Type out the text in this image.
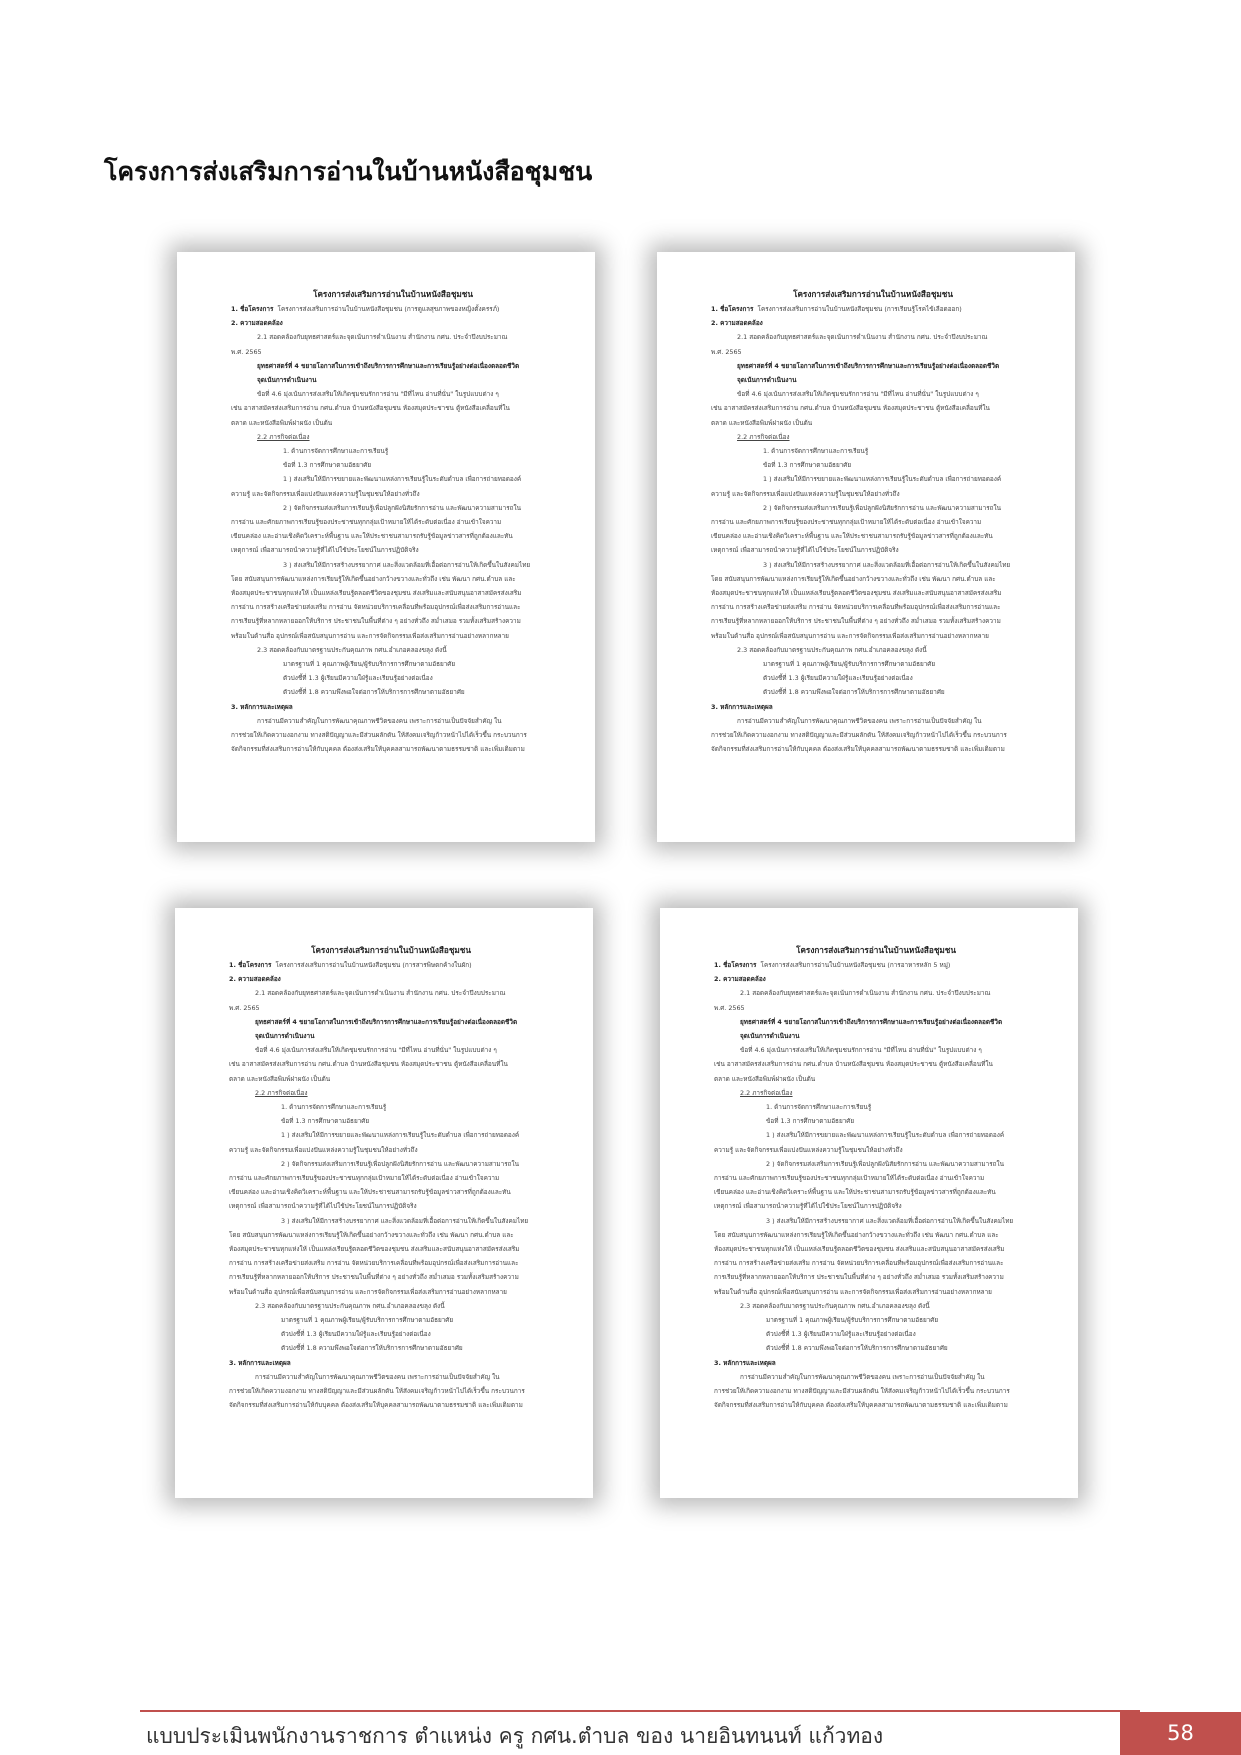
โครงการส่งเสริมการอ่านในบ้านหนังสือชุมชน
โครงการส่งเสริมการอ่านในบ้านหนังสือชุมชน
1. ชื่อโครงการ โครงการส่งเสริมการอ่านในบ้านหนังสือชุมชน (การดูแลสุขภาพของหญิงตั้งครรภ์)
2. ความสอดคล้อง
2.1 สอดคล้องกับยุทธศาสตร์และจุดเน้นการดำเนินงาน สำนักงาน กศน. ประจำปีงบประมาณ
พ.ศ. 2565
ยุทธศาสตร์ที่ 4 ขยายโอกาสในการเข้าถึงบริการการศึกษาและการเรียนรู้อย่างต่อเนื่องตลอดชีวิต
จุดเน้นการดำเนินงาน
ข้อที่ 4.6 มุ่งเน้นการส่งเสริมให้เกิดชุมชนรักการอ่าน "มีที่ไหน อ่านที่นั่น" ในรูปแบบต่าง ๆ
เช่น อาสาสมัครส่งเสริมการอ่าน กศน.ตำบล บ้านหนังสือชุมชน ห้องสมุดประชาชน ตู้หนังสือเคลื่อนที่ใน
ตลาด และหนังสือพิมพ์ฝาผนัง เป็นต้น
2.2 ภารกิจต่อเนื่อง
1. ด้านการจัดการศึกษาและการเรียนรู้
ข้อที่ 1.3 การศึกษาตามอัธยาศัย
1 ) ส่งเสริมให้มีการขยายและพัฒนาแหล่งการเรียนรู้ในระดับตำบล เพื่อการถ่ายทอดองค์
ความรู้ และจัดกิจกรรมเพื่อแบ่งปันแหล่งความรู้ในชุมชนให้อย่างทั่วถึง
2 ) จัดกิจกรรมส่งเสริมการเรียนรู้เพื่อปลูกฝังนิสัยรักการอ่าน และพัฒนาความสามารถใน
การอ่าน และศักยภาพการเรียนรู้ของประชาชนทุกกลุ่มเป้าหมายให้ได้ระดับต่อเนื่อง อ่านเข้าใจความ
เขียนคล่อง และอ่านเชิงคิดวิเคราะห์พื้นฐาน และให้ประชาชนสามารถรับรู้ข้อมูลข่าวสารที่ถูกต้องและทัน
เหตุการณ์ เพื่อสามารถนำความรู้ที่ได้ไปใช้ประโยชน์ในการปฏิบัติจริง
3 ) ส่งเสริมให้มีการสร้างบรรยากาศ และสิ่งแวดล้อมที่เอื้อต่อการอ่านให้เกิดขึ้นในสังคมไทย
โดย สนับสนุนการพัฒนาแหล่งการเรียนรู้ให้เกิดขึ้นอย่างกว้างขวางและทั่วถึง เช่น พัฒนา กศน.ตำบล และ
ห้องสมุดประชาชนทุกแห่งให้ เป็นแหล่งเรียนรู้ตลอดชีวิตของชุมชน ส่งเสริมและสนับสนุนอาสาสมัครส่งเสริม
การอ่าน การสร้างเครือข่ายส่งเสริม การอ่าน จัดหน่วยบริการเคลื่อนที่พร้อมอุปกรณ์เพื่อส่งเสริมการอ่านและ
การเรียนรู้ที่หลากหลายออกให้บริการ ประชาชนในพื้นที่ต่าง ๆ อย่างทั่วถึง สม่ำเสมอ รวมทั้งเสริมสร้างความ
พร้อมในด้านสื่อ อุปกรณ์เพื่อสนับสนุนการอ่าน และการจัดกิจกรรมเพื่อส่งเสริมการอ่านอย่างหลากหลาย
2.3 สอดคล้องกับมาตรฐานประกันคุณภาพ กศน.อำเภอคลองขลุง ดังนี้
มาตรฐานที่ 1 คุณภาพผู้เรียน/ผู้รับบริการการศึกษาตามอัธยาศัย
ตัวบ่งชี้ที่ 1.3 ผู้เรียนมีความใฝ่รู้และเรียนรู้อย่างต่อเนื่อง
ตัวบ่งชี้ที่ 1.8 ความพึงพอใจต่อการให้บริการการศึกษาตามอัธยาศัย
3. หลักการและเหตุผล
การอ่านมีความสำคัญในการพัฒนาคุณภาพชีวิตของคน เพราะการอ่านเป็นปัจจัยสำคัญ ใน
การช่วยให้เกิดความงอกงาม ทางสติปัญญาและมีส่วนผลักดัน ให้สังคมเจริญก้าวหน้าไปได้เร็วขึ้น กระบวนการ
จัดกิจกรรมที่ส่งเสริมการอ่านให้กับบุคคล ต้องส่งเสริมให้บุคคลสามารถพัฒนาตามธรรมชาติ และเพิ่มเติมตาม
โครงการส่งเสริมการอ่านในบ้านหนังสือชุมชน
1. ชื่อโครงการ โครงการส่งเสริมการอ่านในบ้านหนังสือชุมชน (การเรียนรู้โรคไข้เลือดออก)
2. ความสอดคล้อง
2.1 สอดคล้องกับยุทธศาสตร์และจุดเน้นการดำเนินงาน สำนักงาน กศน. ประจำปีงบประมาณ
พ.ศ. 2565
ยุทธศาสตร์ที่ 4 ขยายโอกาสในการเข้าถึงบริการการศึกษาและการเรียนรู้อย่างต่อเนื่องตลอดชีวิต
จุดเน้นการดำเนินงาน
ข้อที่ 4.6 มุ่งเน้นการส่งเสริมให้เกิดชุมชนรักการอ่าน "มีที่ไหน อ่านที่นั่น" ในรูปแบบต่าง ๆ
เช่น อาสาสมัครส่งเสริมการอ่าน กศน.ตำบล บ้านหนังสือชุมชน ห้องสมุดประชาชน ตู้หนังสือเคลื่อนที่ใน
ตลาด และหนังสือพิมพ์ฝาผนัง เป็นต้น
2.2 ภารกิจต่อเนื่อง
1. ด้านการจัดการศึกษาและการเรียนรู้
ข้อที่ 1.3 การศึกษาตามอัธยาศัย
1 ) ส่งเสริมให้มีการขยายและพัฒนาแหล่งการเรียนรู้ในระดับตำบล เพื่อการถ่ายทอดองค์
ความรู้ และจัดกิจกรรมเพื่อแบ่งปันแหล่งความรู้ในชุมชนให้อย่างทั่วถึง
2 ) จัดกิจกรรมส่งเสริมการเรียนรู้เพื่อปลูกฝังนิสัยรักการอ่าน และพัฒนาความสามารถใน
การอ่าน และศักยภาพการเรียนรู้ของประชาชนทุกกลุ่มเป้าหมายให้ได้ระดับต่อเนื่อง อ่านเข้าใจความ
เขียนคล่อง และอ่านเชิงคิดวิเคราะห์พื้นฐาน และให้ประชาชนสามารถรับรู้ข้อมูลข่าวสารที่ถูกต้องและทัน
เหตุการณ์ เพื่อสามารถนำความรู้ที่ได้ไปใช้ประโยชน์ในการปฏิบัติจริง
3 ) ส่งเสริมให้มีการสร้างบรรยากาศ และสิ่งแวดล้อมที่เอื้อต่อการอ่านให้เกิดขึ้นในสังคมไทย
โดย สนับสนุนการพัฒนาแหล่งการเรียนรู้ให้เกิดขึ้นอย่างกว้างขวางและทั่วถึง เช่น พัฒนา กศน.ตำบล และ
ห้องสมุดประชาชนทุกแห่งให้ เป็นแหล่งเรียนรู้ตลอดชีวิตของชุมชน ส่งเสริมและสนับสนุนอาสาสมัครส่งเสริม
การอ่าน การสร้างเครือข่ายส่งเสริม การอ่าน จัดหน่วยบริการเคลื่อนที่พร้อมอุปกรณ์เพื่อส่งเสริมการอ่านและ
การเรียนรู้ที่หลากหลายออกให้บริการ ประชาชนในพื้นที่ต่าง ๆ อย่างทั่วถึง สม่ำเสมอ รวมทั้งเสริมสร้างความ
พร้อมในด้านสื่อ อุปกรณ์เพื่อสนับสนุนการอ่าน และการจัดกิจกรรมเพื่อส่งเสริมการอ่านอย่างหลากหลาย
2.3 สอดคล้องกับมาตรฐานประกันคุณภาพ กศน.อำเภอคลองขลุง ดังนี้
มาตรฐานที่ 1 คุณภาพผู้เรียน/ผู้รับบริการการศึกษาตามอัธยาศัย
ตัวบ่งชี้ที่ 1.3 ผู้เรียนมีความใฝ่รู้และเรียนรู้อย่างต่อเนื่อง
ตัวบ่งชี้ที่ 1.8 ความพึงพอใจต่อการให้บริการการศึกษาตามอัธยาศัย
3. หลักการและเหตุผล
การอ่านมีความสำคัญในการพัฒนาคุณภาพชีวิตของคน เพราะการอ่านเป็นปัจจัยสำคัญ ใน
การช่วยให้เกิดความงอกงาม ทางสติปัญญาและมีส่วนผลักดัน ให้สังคมเจริญก้าวหน้าไปได้เร็วขึ้น กระบวนการ
จัดกิจกรรมที่ส่งเสริมการอ่านให้กับบุคคล ต้องส่งเสริมให้บุคคลสามารถพัฒนาตามธรรมชาติ และเพิ่มเติมตาม
โครงการส่งเสริมการอ่านในบ้านหนังสือชุมชน
1. ชื่อโครงการ โครงการส่งเสริมการอ่านในบ้านหนังสือชุมชน (การสารพิษตกค้างในผัก)
2. ความสอดคล้อง
2.1 สอดคล้องกับยุทธศาสตร์และจุดเน้นการดำเนินงาน สำนักงาน กศน. ประจำปีงบประมาณ
พ.ศ. 2565
ยุทธศาสตร์ที่ 4 ขยายโอกาสในการเข้าถึงบริการการศึกษาและการเรียนรู้อย่างต่อเนื่องตลอดชีวิต
จุดเน้นการดำเนินงาน
ข้อที่ 4.6 มุ่งเน้นการส่งเสริมให้เกิดชุมชนรักการอ่าน "มีที่ไหน อ่านที่นั่น" ในรูปแบบต่าง ๆ
เช่น อาสาสมัครส่งเสริมการอ่าน กศน.ตำบล บ้านหนังสือชุมชน ห้องสมุดประชาชน ตู้หนังสือเคลื่อนที่ใน
ตลาด และหนังสือพิมพ์ฝาผนัง เป็นต้น
2.2 ภารกิจต่อเนื่อง
1. ด้านการจัดการศึกษาและการเรียนรู้
ข้อที่ 1.3 การศึกษาตามอัธยาศัย
1 ) ส่งเสริมให้มีการขยายและพัฒนาแหล่งการเรียนรู้ในระดับตำบล เพื่อการถ่ายทอดองค์
ความรู้ และจัดกิจกรรมเพื่อแบ่งปันแหล่งความรู้ในชุมชนให้อย่างทั่วถึง
2 ) จัดกิจกรรมส่งเสริมการเรียนรู้เพื่อปลูกฝังนิสัยรักการอ่าน และพัฒนาความสามารถใน
การอ่าน และศักยภาพการเรียนรู้ของประชาชนทุกกลุ่มเป้าหมายให้ได้ระดับต่อเนื่อง อ่านเข้าใจความ
เขียนคล่อง และอ่านเชิงคิดวิเคราะห์พื้นฐาน และให้ประชาชนสามารถรับรู้ข้อมูลข่าวสารที่ถูกต้องและทัน
เหตุการณ์ เพื่อสามารถนำความรู้ที่ได้ไปใช้ประโยชน์ในการปฏิบัติจริง
3 ) ส่งเสริมให้มีการสร้างบรรยากาศ และสิ่งแวดล้อมที่เอื้อต่อการอ่านให้เกิดขึ้นในสังคมไทย
โดย สนับสนุนการพัฒนาแหล่งการเรียนรู้ให้เกิดขึ้นอย่างกว้างขวางและทั่วถึง เช่น พัฒนา กศน.ตำบล และ
ห้องสมุดประชาชนทุกแห่งให้ เป็นแหล่งเรียนรู้ตลอดชีวิตของชุมชน ส่งเสริมและสนับสนุนอาสาสมัครส่งเสริม
การอ่าน การสร้างเครือข่ายส่งเสริม การอ่าน จัดหน่วยบริการเคลื่อนที่พร้อมอุปกรณ์เพื่อส่งเสริมการอ่านและ
การเรียนรู้ที่หลากหลายออกให้บริการ ประชาชนในพื้นที่ต่าง ๆ อย่างทั่วถึง สม่ำเสมอ รวมทั้งเสริมสร้างความ
พร้อมในด้านสื่อ อุปกรณ์เพื่อสนับสนุนการอ่าน และการจัดกิจกรรมเพื่อส่งเสริมการอ่านอย่างหลากหลาย
2.3 สอดคล้องกับมาตรฐานประกันคุณภาพ กศน.อำเภอคลองขลุง ดังนี้
มาตรฐานที่ 1 คุณภาพผู้เรียน/ผู้รับบริการการศึกษาตามอัธยาศัย
ตัวบ่งชี้ที่ 1.3 ผู้เรียนมีความใฝ่รู้และเรียนรู้อย่างต่อเนื่อง
ตัวบ่งชี้ที่ 1.8 ความพึงพอใจต่อการให้บริการการศึกษาตามอัธยาศัย
3. หลักการและเหตุผล
การอ่านมีความสำคัญในการพัฒนาคุณภาพชีวิตของคน เพราะการอ่านเป็นปัจจัยสำคัญ ใน
การช่วยให้เกิดความงอกงาม ทางสติปัญญาและมีส่วนผลักดัน ให้สังคมเจริญก้าวหน้าไปได้เร็วขึ้น กระบวนการ
จัดกิจกรรมที่ส่งเสริมการอ่านให้กับบุคคล ต้องส่งเสริมให้บุคคลสามารถพัฒนาตามธรรมชาติ และเพิ่มเติมตาม
โครงการส่งเสริมการอ่านในบ้านหนังสือชุมชน
1. ชื่อโครงการ โครงการส่งเสริมการอ่านในบ้านหนังสือชุมชน (การอาหารหลัก 5 หมู่)
2. ความสอดคล้อง
2.1 สอดคล้องกับยุทธศาสตร์และจุดเน้นการดำเนินงาน สำนักงาน กศน. ประจำปีงบประมาณ
พ.ศ. 2565
ยุทธศาสตร์ที่ 4 ขยายโอกาสในการเข้าถึงบริการการศึกษาและการเรียนรู้อย่างต่อเนื่องตลอดชีวิต
จุดเน้นการดำเนินงาน
ข้อที่ 4.6 มุ่งเน้นการส่งเสริมให้เกิดชุมชนรักการอ่าน "มีที่ไหน อ่านที่นั่น" ในรูปแบบต่าง ๆ
เช่น อาสาสมัครส่งเสริมการอ่าน กศน.ตำบล บ้านหนังสือชุมชน ห้องสมุดประชาชน ตู้หนังสือเคลื่อนที่ใน
ตลาด และหนังสือพิมพ์ฝาผนัง เป็นต้น
2.2 ภารกิจต่อเนื่อง
1. ด้านการจัดการศึกษาและการเรียนรู้
ข้อที่ 1.3 การศึกษาตามอัธยาศัย
1 ) ส่งเสริมให้มีการขยายและพัฒนาแหล่งการเรียนรู้ในระดับตำบล เพื่อการถ่ายทอดองค์
ความรู้ และจัดกิจกรรมเพื่อแบ่งปันแหล่งความรู้ในชุมชนให้อย่างทั่วถึง
2 ) จัดกิจกรรมส่งเสริมการเรียนรู้เพื่อปลูกฝังนิสัยรักการอ่าน และพัฒนาความสามารถใน
การอ่าน และศักยภาพการเรียนรู้ของประชาชนทุกกลุ่มเป้าหมายให้ได้ระดับต่อเนื่อง อ่านเข้าใจความ
เขียนคล่อง และอ่านเชิงคิดวิเคราะห์พื้นฐาน และให้ประชาชนสามารถรับรู้ข้อมูลข่าวสารที่ถูกต้องและทัน
เหตุการณ์ เพื่อสามารถนำความรู้ที่ได้ไปใช้ประโยชน์ในการปฏิบัติจริง
3 ) ส่งเสริมให้มีการสร้างบรรยากาศ และสิ่งแวดล้อมที่เอื้อต่อการอ่านให้เกิดขึ้นในสังคมไทย
โดย สนับสนุนการพัฒนาแหล่งการเรียนรู้ให้เกิดขึ้นอย่างกว้างขวางและทั่วถึง เช่น พัฒนา กศน.ตำบล และ
ห้องสมุดประชาชนทุกแห่งให้ เป็นแหล่งเรียนรู้ตลอดชีวิตของชุมชน ส่งเสริมและสนับสนุนอาสาสมัครส่งเสริม
การอ่าน การสร้างเครือข่ายส่งเสริม การอ่าน จัดหน่วยบริการเคลื่อนที่พร้อมอุปกรณ์เพื่อส่งเสริมการอ่านและ
การเรียนรู้ที่หลากหลายออกให้บริการ ประชาชนในพื้นที่ต่าง ๆ อย่างทั่วถึง สม่ำเสมอ รวมทั้งเสริมสร้างความ
พร้อมในด้านสื่อ อุปกรณ์เพื่อสนับสนุนการอ่าน และการจัดกิจกรรมเพื่อส่งเสริมการอ่านอย่างหลากหลาย
2.3 สอดคล้องกับมาตรฐานประกันคุณภาพ กศน.อำเภอคลองขลุง ดังนี้
มาตรฐานที่ 1 คุณภาพผู้เรียน/ผู้รับบริการการศึกษาตามอัธยาศัย
ตัวบ่งชี้ที่ 1.3 ผู้เรียนมีความใฝ่รู้และเรียนรู้อย่างต่อเนื่อง
ตัวบ่งชี้ที่ 1.8 ความพึงพอใจต่อการให้บริการการศึกษาตามอัธยาศัย
3. หลักการและเหตุผล
การอ่านมีความสำคัญในการพัฒนาคุณภาพชีวิตของคน เพราะการอ่านเป็นปัจจัยสำคัญ ใน
การช่วยให้เกิดความงอกงาม ทางสติปัญญาและมีส่วนผลักดัน ให้สังคมเจริญก้าวหน้าไปได้เร็วขึ้น กระบวนการ
จัดกิจกรรมที่ส่งเสริมการอ่านให้กับบุคคล ต้องส่งเสริมให้บุคคลสามารถพัฒนาตามธรรมชาติ และเพิ่มเติมตาม
แบบประเมินพนักงานราชการ ตำแหน่ง ครู กศน.ตำบล ของ นายอินทนนท์ แก้วทอง	58
